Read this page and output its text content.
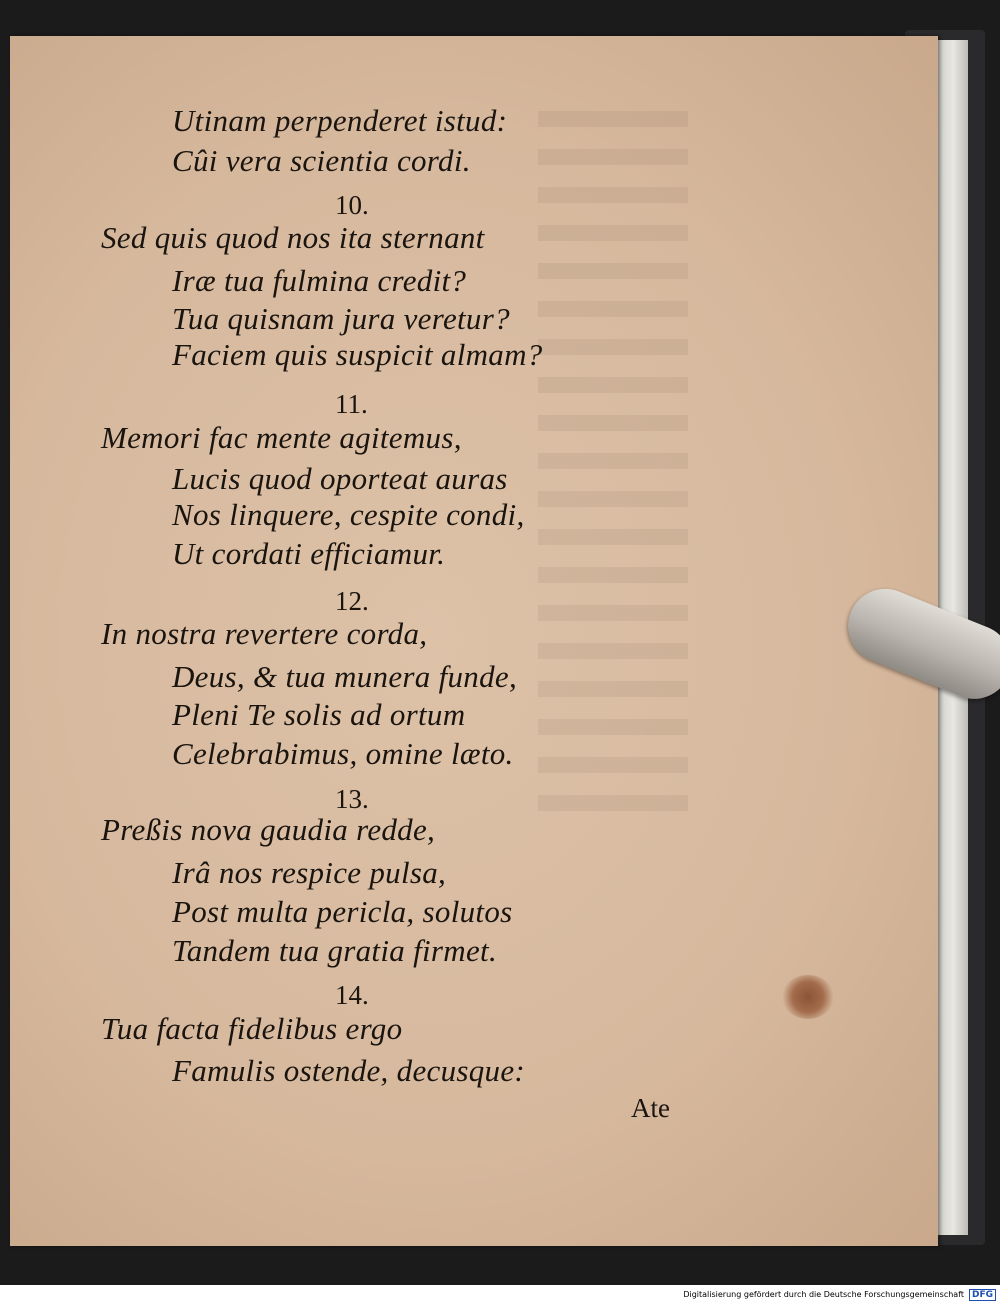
Utinam perpenderet istud:
Cûi vera scientia cordi.
10.
Sed quis quod nos ita sternant
Iræ tua fulmina credit?
Tua quisnam jura veretur?
Faciem quis suspicit almam?
11.
Memori fac mente agitemus,
Lucis quod oporteat auras
Nos linquere, cespite condi,
Ut cordati efficiamur.
12.
In nostra revertere corda,
Deus, & tua munera funde,
Pleni Te solis ad ortum
Celebrabimus, omine læto.
13.
Preßis nova gaudia redde,
Irâ nos respice pulsa,
Post multa pericla, solutos
Tandem tua gratia firmet.
14.
Tua facta fidelibus ergo
Famulis ostende, decusque:
Ate
Digitalisierung gefördert durch die Deutsche Forschungsgemeinschaft DFG
